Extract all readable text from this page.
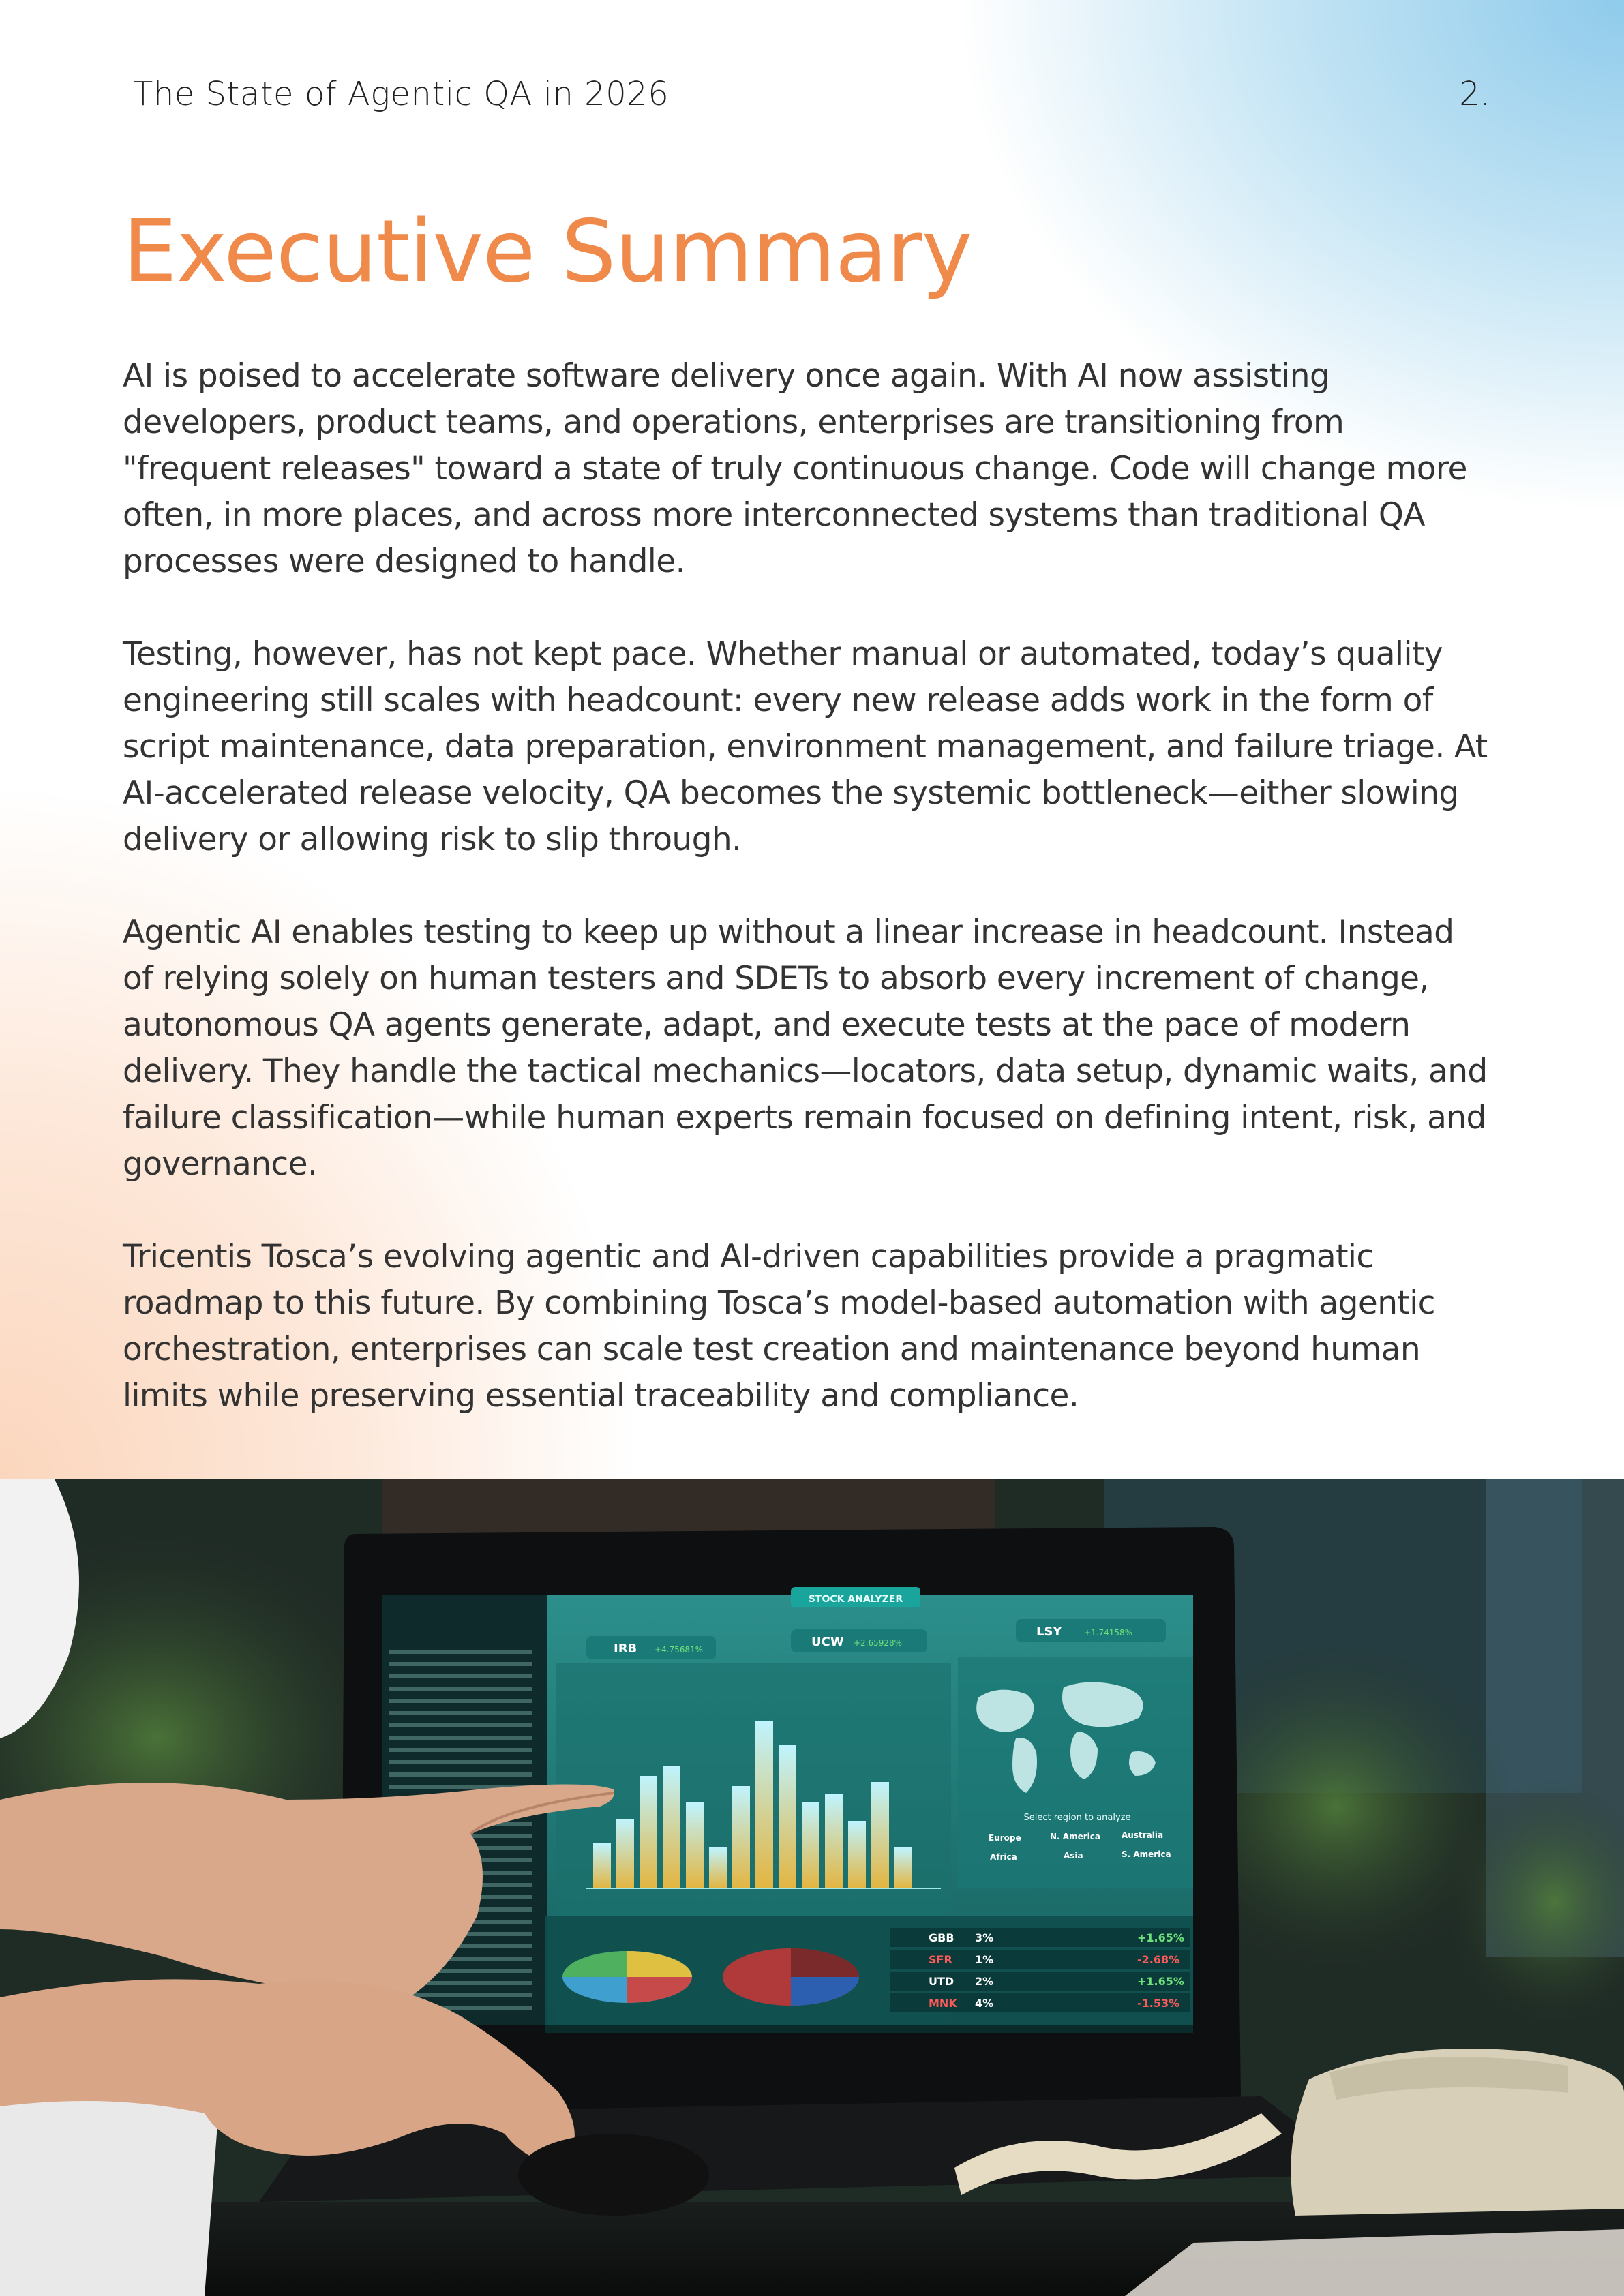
The State of Agentic QA in 2026	2.

Executive Summary

AI is poised to accelerate software delivery once again. With AI now assisting developers, product teams, and operations, enterprises are transitioning from "frequent releases" toward a state of truly continuous change. Code will change more often, in more places, and across more interconnected systems than traditional QA processes were designed to handle.

Testing, however, has not kept pace. Whether manual or automated, today’s quality engineering still scales with headcount: every new release adds work in the form of script maintenance, data preparation, environment management, and failure triage. At AI-accelerated release velocity, QA becomes the systemic bottleneck—either slowing delivery or allowing risk to slip through.

Agentic AI enables testing to keep up without a linear increase in headcount. Instead of relying solely on human testers and SDETs to absorb every increment of change, autonomous QA agents generate, adapt, and execute tests at the pace of modern delivery. They handle the tactical mechanics—locators, data setup, dynamic waits, and failure classification—while human experts remain focused on defining intent, risk, and governance.

Tricentis Tosca’s evolving agentic and AI-driven capabilities provide a pragmatic roadmap to this future. By combining Tosca’s model-based automation with agentic orchestration, enterprises can scale test creation and maintenance beyond human limits while preserving essential traceability and compliance.

STOCK ANALYZER
IRB +4.75681%
UCW +2.65928%
LSY	+1.74158%
Select region to analyze
Europe	N. America	Australia
Africa	Asia	S. America
GBB 3%	+1.65%
SFR 1%	-2.68%
UTD 2%	+1.65%
MNK 4%	-1.53%
